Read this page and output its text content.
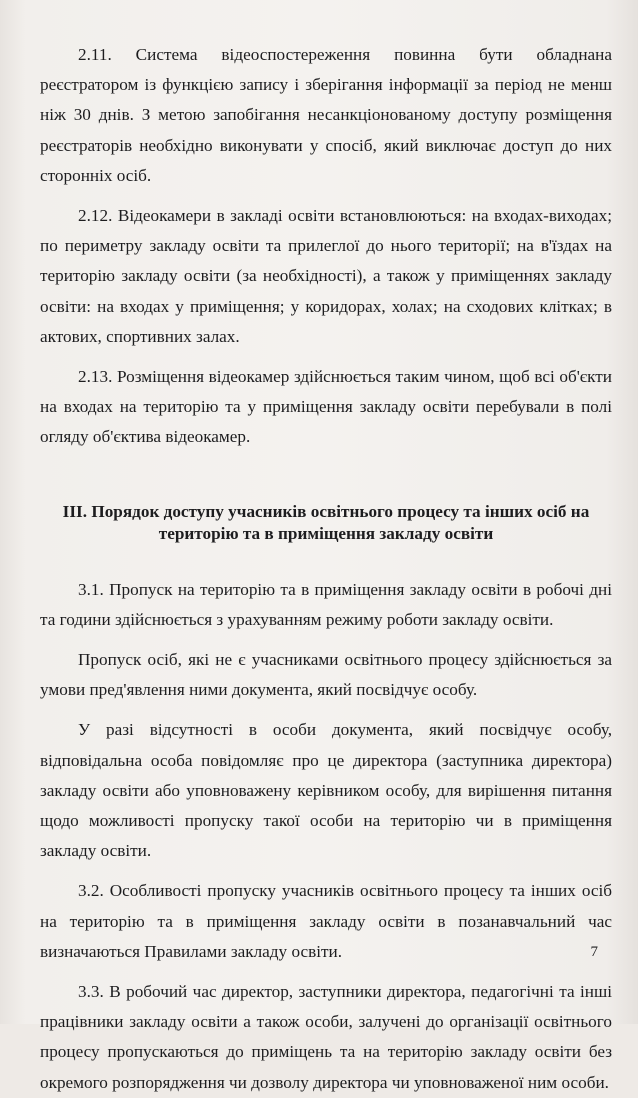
2.11. Система відеоспостереження повинна бути обладнана реєстратором із функцією запису і зберігання інформації за період не менш ніж 30 днів. З метою запобігання несанкціонованому доступу розміщення реєстраторів необхідно виконувати у спосіб, який виключає доступ до них сторонніх осіб.

2.12. Відеокамери в закладі освіти встановлюються: на входах-виходах; по периметру закладу освіти та прилеглої до нього території; на в'їздах на територію закладу освіти (за необхідності), а також у приміщеннях закладу освіти: на входах у приміщення; у коридорах, холах; на сходових клітках; в актових, спортивних залах.

2.13. Розміщення відеокамер здійснюється таким чином, щоб всі об'єкти на входах на територію та у приміщення закладу освіти перебували в полі огляду об'єктива відеокамер.

ІІІ. Порядок доступу учасників освітнього процесу та інших осіб на
територію та в приміщення закладу освіти

3.1. Пропуск на територію та в приміщення закладу освіти в робочі дні та години здійснюється з урахуванням режиму роботи закладу освіти.

Пропуск осіб, які не є учасниками освітнього процесу здійснюється за умови пред'явлення ними документа, який посвідчує особу.

У разі відсутності в особи документа, який посвідчує особу, відповідальна особа повідомляє про це директора (заступника директора) закладу освіти або уповноважену керівником особу, для вирішення питання щодо можливості пропуску такої особи на територію чи в приміщення закладу освіти.

3.2. Особливості пропуску учасників освітнього процесу та інших осіб на територію та в приміщення закладу освіти в позанавчальний час визначаються Правилами закладу освіти.

3.3. В робочий час директор, заступники директора, педагогічні та інші працівники закладу освіти а також особи, залучені до організації освітнього процесу пропускаються до приміщень та на територію закладу освіти без окремого розпорядження чи дозволу директора чи уповноваженої ним особи.

7
